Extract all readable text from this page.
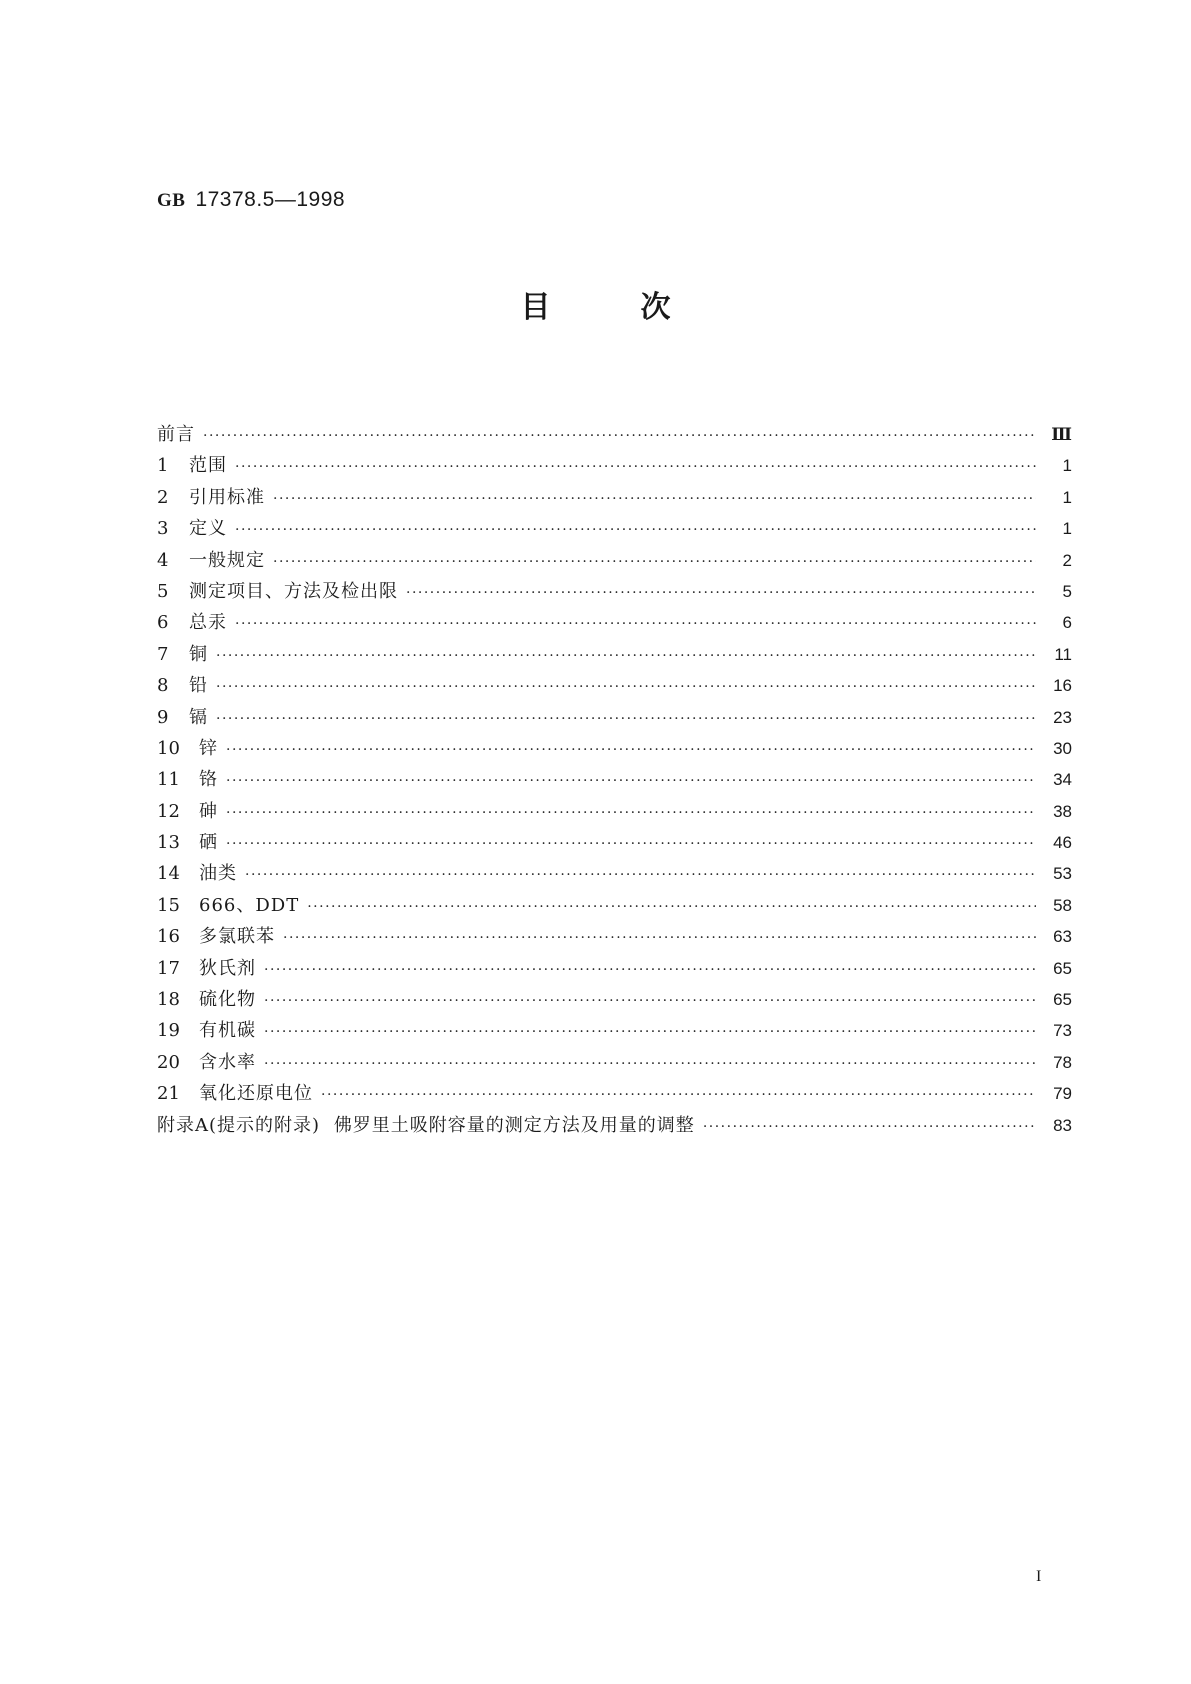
GB 17378.5—1998
目次
前言 ·····	Ⅲ
1	范围 ·····	1
2	引用标准 ·····	1
3	定义 ·····	1
4	一般规定 ·····	2
5	测定项目、方法及检出限 ·····	5
6	总汞 ·····	6
7	铜 ·····	11
8	铅 ·····	16
9	镉 ·····	23
10	锌 ·····	30
11	铬 ·····	34
12	砷 ·····	38
13	硒 ·····	46
14	油类 ·····	53
15	666、DDT ·····	58
16	多氯联苯 ·····	63
17	狄氏剂 ·····	65
18	硫化物 ·····	65
19	有机碳 ·····	73
20	含水率 ·····	78
21	氧化还原电位 ·····	79
附录A(提示的附录) 佛罗里土吸附容量的测定方法及用量的调整 ·····	83
I
